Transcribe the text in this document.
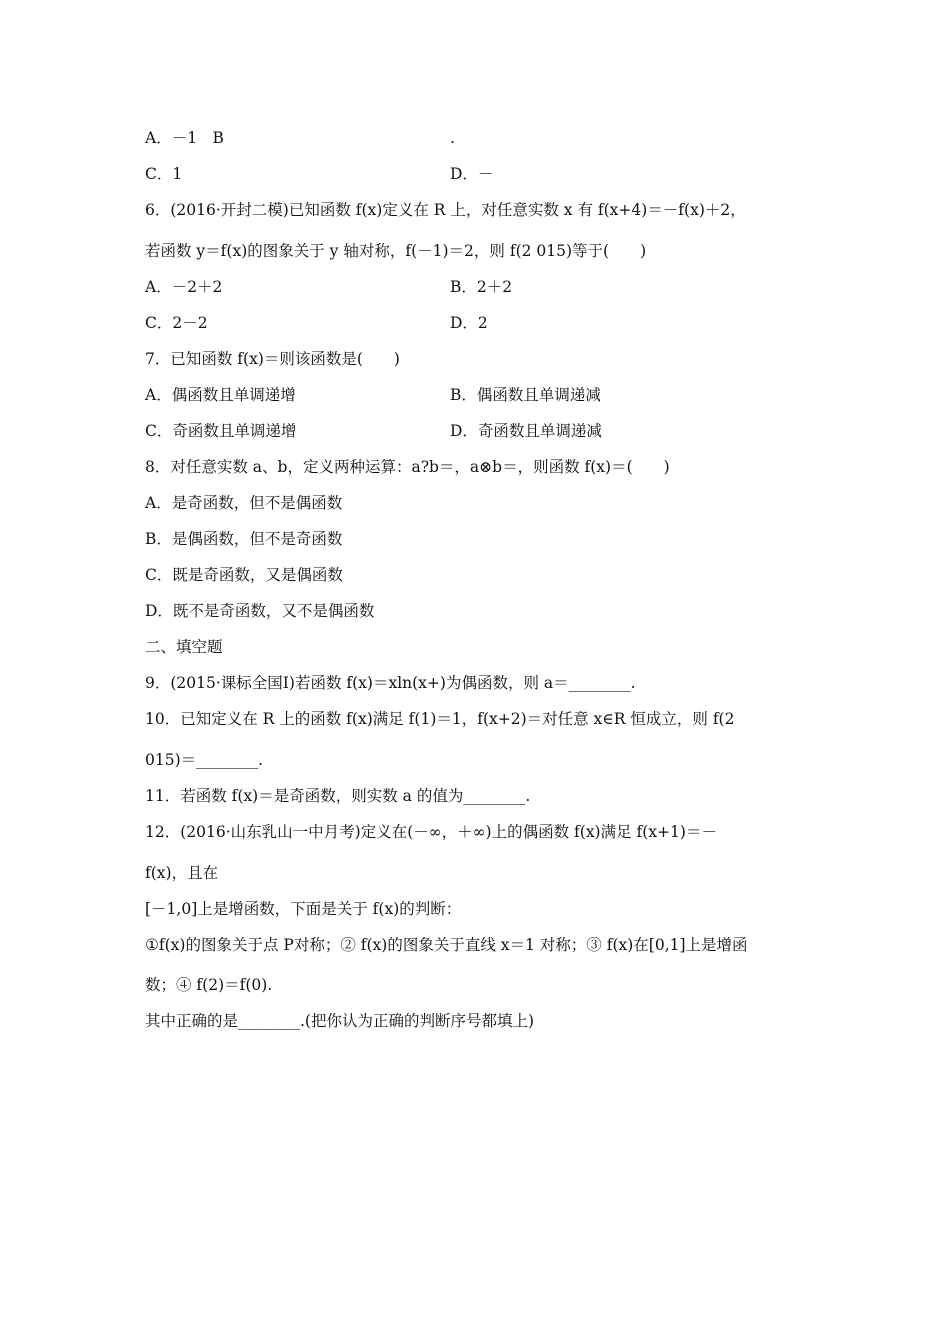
A．－1　B	.
C．1	D．－
6．(2016·开封二模)已知函数 f(x)定义在 R 上，对任意实数 x 有 f(x+4)＝－f(x)＋2，
若函数 y＝f(x)的图象关于 y 轴对称，f(－1)＝2，则 f(2 015)等于(　　)
A．－2＋2	B．2＋2
C．2－2	D．2
7．已知函数 f(x)＝则该函数是(　　)
A．偶函数且单调递增	B．偶函数且单调递减
C．奇函数且单调递增	D．奇函数且单调递减
8．对任意实数 a、b，定义两种运算：a?b＝，a⊗b＝，则函数 f(x)＝(　　)
A．是奇函数，但不是偶函数
B．是偶函数，但不是奇函数
C．既是奇函数，又是偶函数
D．既不是奇函数，又不是偶函数
二、填空题
9．(2015·课标全国Ⅰ)若函数 f(x)＝xln(x+)为偶函数，则 a＝________.
10．已知定义在 R 上的函数 f(x)满足 f(1)＝1，f(x+2)＝对任意 x∈R 恒成立，则 f(2
015)＝________.
11．若函数 f(x)＝是奇函数，则实数 a 的值为________.
12．(2016·山东乳山一中月考)定义在(－∞，＋∞)上的偶函数 f(x)满足 f(x+1)＝－
f(x)，且在
[－1,0]上是增函数，下面是关于 f(x)的判断：
①f(x)的图象关于点 P对称；② f(x)的图象关于直线 x＝1 对称；③ f(x)在[0,1]上是增函
数；④ f(2)＝f(0).
其中正确的是________.(把你认为正确的判断序号都填上)
